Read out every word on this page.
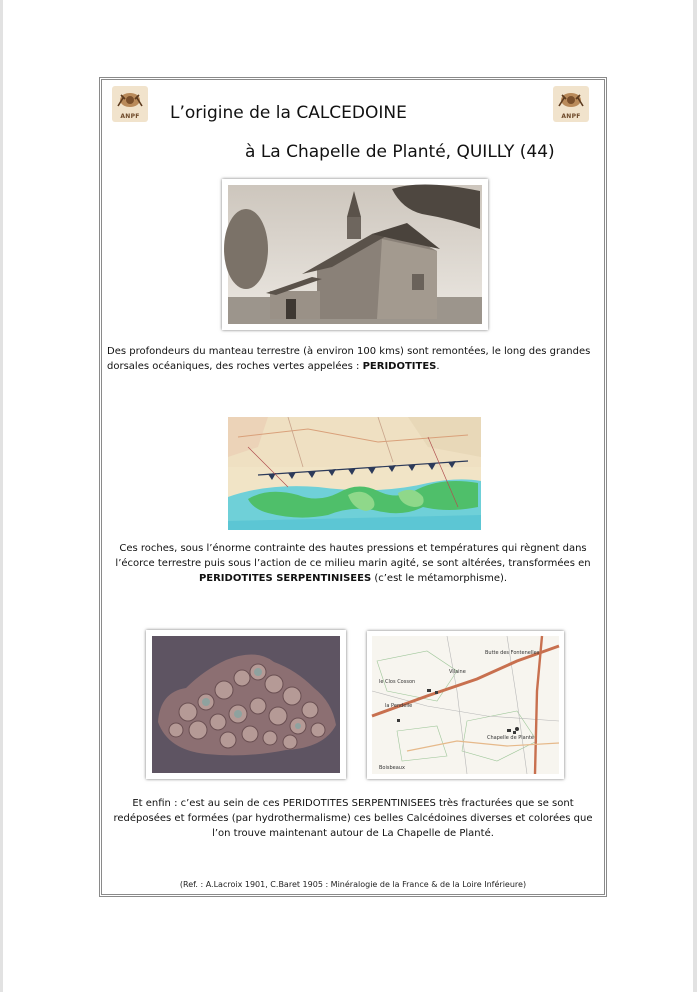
ANPF	ANPF
L’origine de la CALCEDOINE
à La Chapelle de Planté, QUILLY (44)
Des profondeurs du manteau terrestre (à environ 100 kms) sont remontées, le long des grandes dorsales océaniques, des roches vertes appelées : PERIDOTITES.
Ces roches, sous l’énorme contrainte des hautes pressions et températures qui règnent dans l’écorce terrestre puis sous l’action de ce milieu marin agité, se sont altérées, transformées en PERIDOTITES SERPENTINISEES (c’est le métamorphisme).
Butte des Fontenelles
le Clos Cosson
Vilaine
la Pendelle
Chapelle de Planté
Boisbeaux
Et enfin : c’est au sein de ces PERIDOTITES SERPENTINISEES très fracturées que se sont redéposées et formées (par hydrothermalisme) ces belles Calcédoines diverses et colorées que l’on trouve maintenant autour de La Chapelle de Planté.
(Ref. : A.Lacroix 1901, C.Baret 1905 : Minéralogie de la France & de la Loire Inférieure)
